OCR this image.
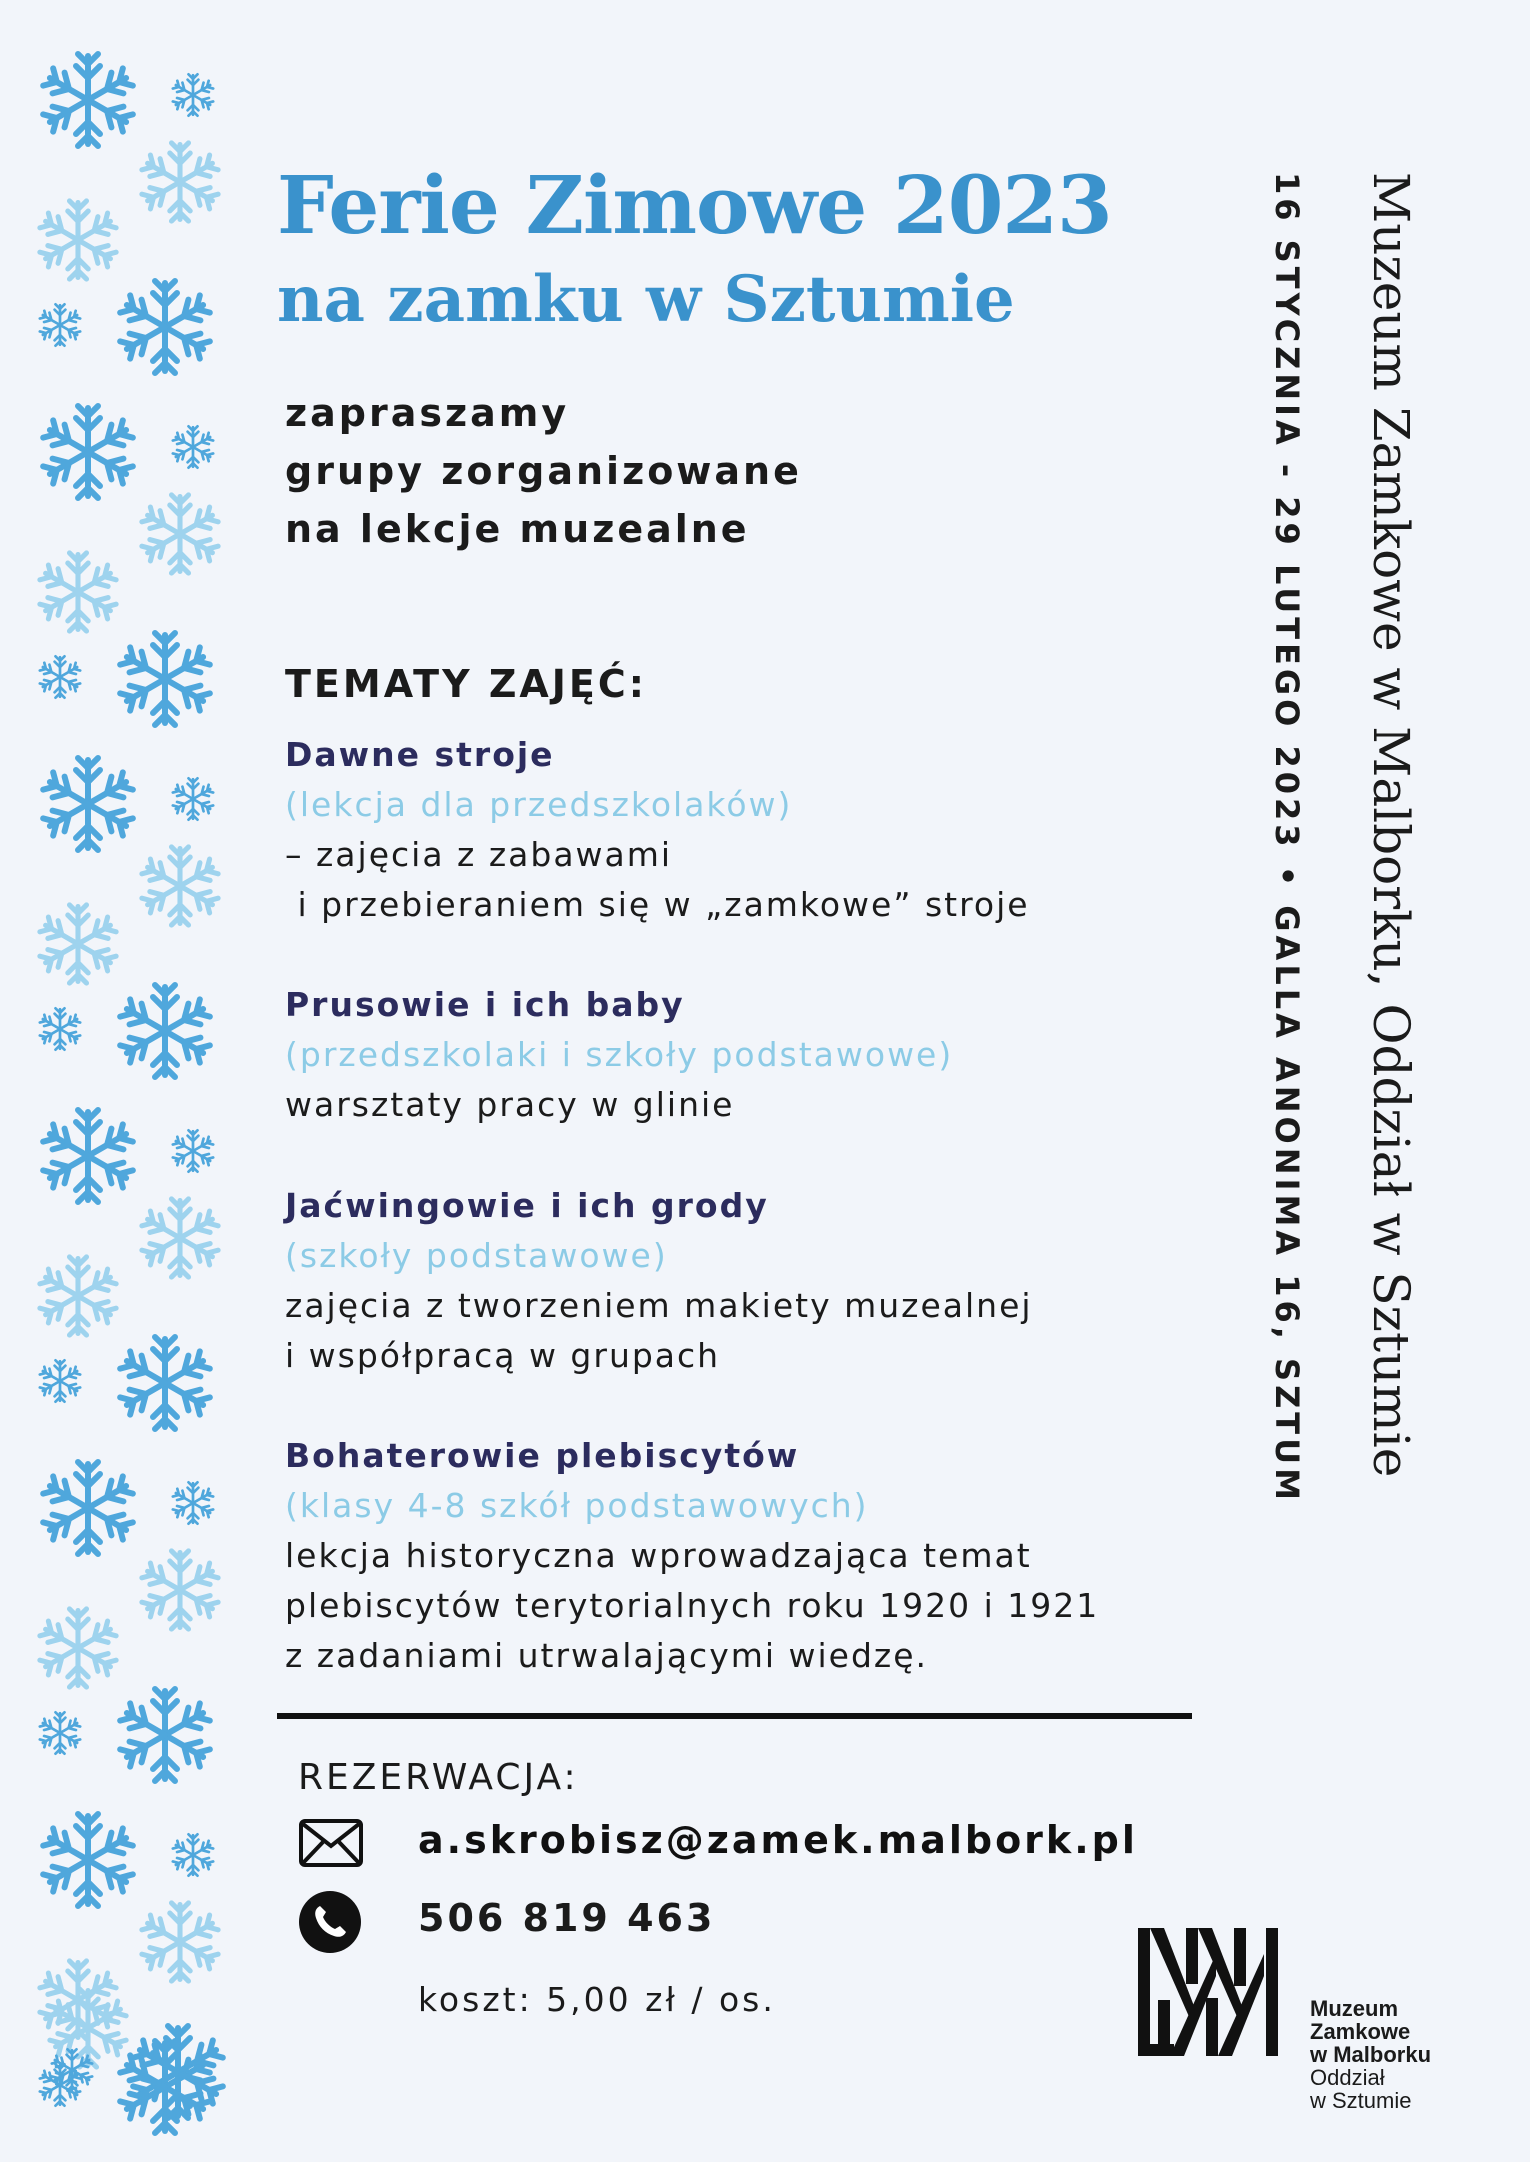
Ferie Zimowe 2023
na zamku w Sztumie
zapraszamy
grupy zorganizowane
na lekcje muzealne
TEMATY ZAJĘĆ:
Dawne stroje
(lekcja dla przedszkolaków)
– zajęcia z zabawami
i przebieraniem się w „zamkowe” stroje
Prusowie i ich baby
(przedszkolaki i szkoły podstawowe)
warsztaty pracy w glinie
Jaćwingowie i ich grody
(szkoły podstawowe)
zajęcia z tworzeniem makiety muzealnej
i współpracą w grupach
Bohaterowie plebiscytów
(klasy 4-8 szkół podstawowych)
lekcja historyczna wprowadzająca temat
plebiscytów terytorialnych roku 1920 i 1921
z zadaniami utrwalającymi wiedzę.
REZERWACJA:
a.skrobisz@zamek.malbork.pl
506 819 463
koszt: 5,00 zł / os.
16 STYCZNIA - 29 LUTEGO 2023 • GALLA ANONIMA 16, SZTUM Muzeum Zamkowe w Malborku, Oddział w Sztumie
Muzeum
Zamkowe
w Malborku
Oddział
w Sztumie
